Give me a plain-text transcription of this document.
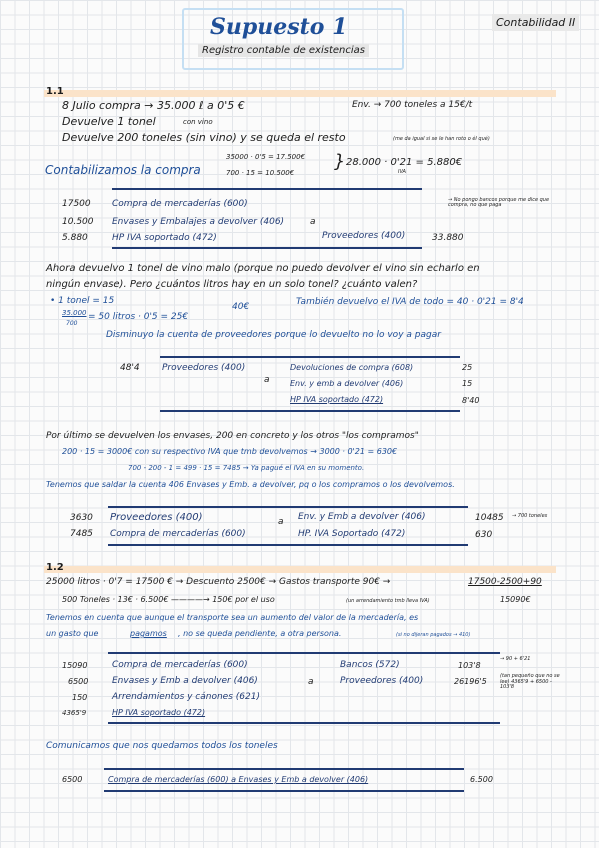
Supuesto 1
Registro contable de existencias
Contabilidad II
1.1
8 Julio compra → 35.000 ℓ a 0'5 €	Env. → 700 toneles a 15€/t
Devuelve 1 tonel	con vino
Devuelve 200 toneles (sin vino) y se queda el resto	(me da igual si se le han roto o él qué)
Contabilizamos la compra
35000 · 0'5 = 17.500€
700 · 15 = 10.500€
} 28.000 · 0'21 = 5.880€
IVA
→ No pongo bancos porque me dice que compra, no que paga
17500 Compra de mercaderías (600)
10.500 Envases y Embalajes a devolver (406)
5.880	HP IVA soportado (472)
a
Proveedores (400)	33.880
Ahora devuelvo 1 tonel de vino malo (porque no puedo devolver el vino sin echarlo en
ningún envase). Pero ¿cuántos litros hay en un solo tonel? ¿cuánto valen?
• 1 tonel = 15
35.000
700
= 50 litros · 0'5 = 25€
40€	También devuelvo el IVA de todo = 40 · 0'21 = 8'4
Disminuyo la cuenta de proveedores porque lo devuelto no lo voy a pagar
48'4 Proveedores (400)
a
Devoluciones de compra (608)	25
Env. y emb a devolver (406)	15
HP IVA soportado (472)	8'40
Por último se devuelven los envases, 200 en concreto y los otros "los compramos"
200 · 15 = 3000€ con su respectivo IVA que tmb devolvemos → 3000 · 0'21 = 630€
700 - 200 - 1 = 499 · 15 = 7485 → Ya pagué el IVA en su momento.
Tenemos que saldar la cuenta 406 Envases y Emb. a devolver, pq o los compramos o los devolvemos.
3630 Proveedores (400)
7485 Compra de mercaderías (600)
a Env. y Emb a devolver (406)	10485
HP. IVA Soportado (472)	630
→ 700 toneles
1.2
25000 litros · 0'7 = 17500 € → Descuento 2500€ → Gastos transporte 90€ →	17500-2500+90
15090€
500 Toneles · 13€ · 6.500€ ————→ 150€ por el uso	(un arrendamiento tmb lleva IVA)
Tenemos en cuenta que aunque el transporte sea un aumento del valor de la mercadería, es
un gasto que	pagamos , no se queda pendiente, a otra persona.	(si no dijeran pagados → 410)
15090	Compra de mercaderías (600)
6500	Envases y Emb a devolver (406)
150	Arrendamientos y cánones (621)
4365'9	HP IVA soportado (472)
a
Bancos (572)	103'8
Proveedores (400)	26196'5
→ 90 + 6'21
(tan pequeño que no se lee) 4365'9 + 6500 - 103'8
Comunicamos que nos quedamos todos los toneles
6500	Compra de mercaderías (600) a Envases y Emb a devolver (406)	6.500
